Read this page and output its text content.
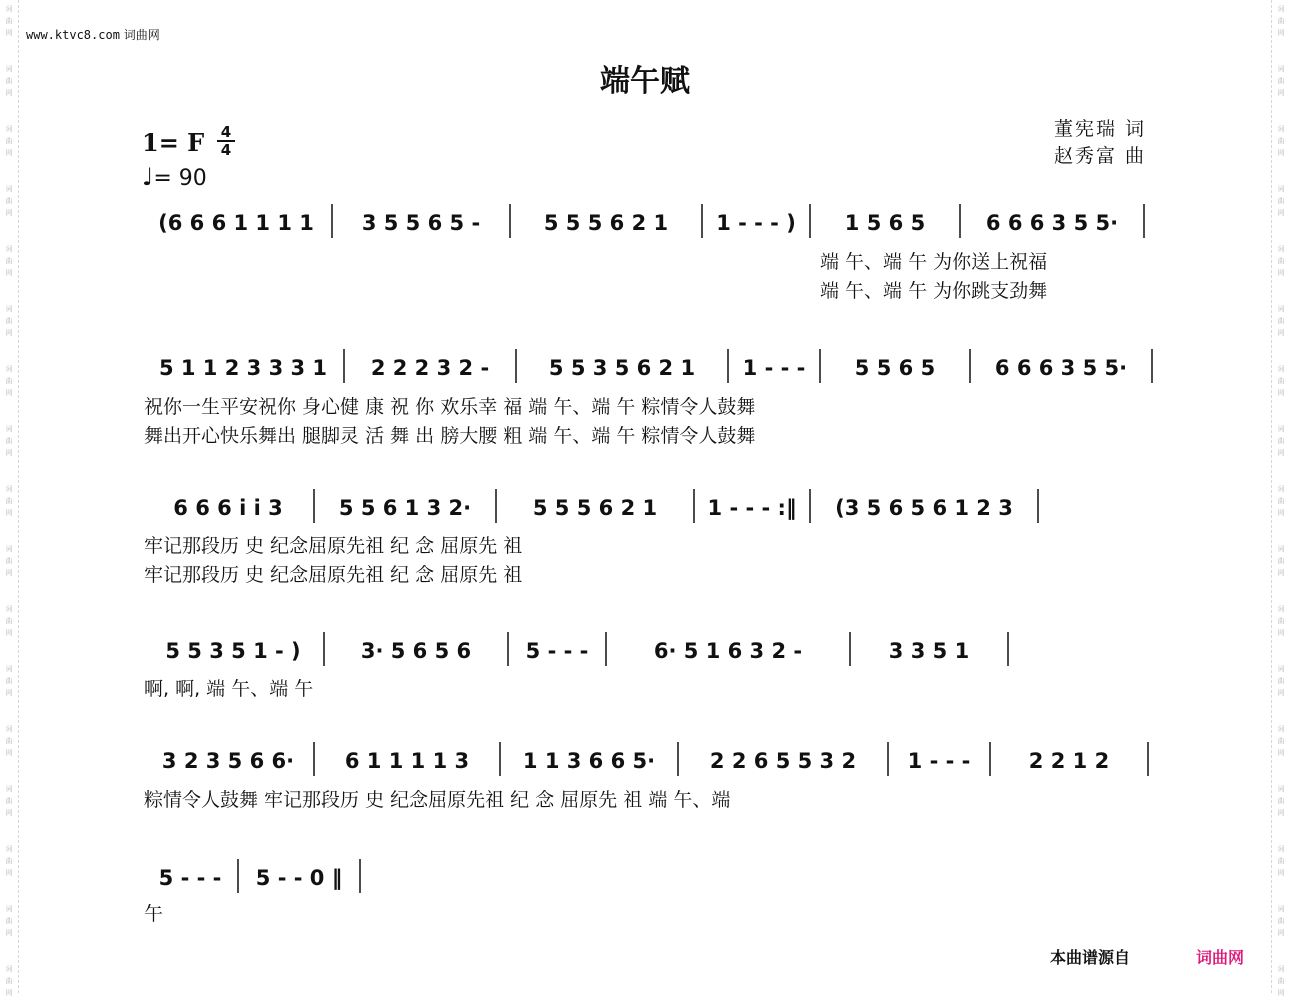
词
曲
网
词
曲
网
词
曲
网
词
曲
网
词
曲
网
词
曲
网
词
曲
网
词
曲
网
词
曲
网
词
曲
网
词
曲
网
词
曲
网
词
曲
网
词
曲
网
词
曲
网
词
曲
网
词
曲
网
词
曲
网
词
曲
网
词
曲
网
词
曲
网
词
曲
网
词
曲
网
词
曲
网
词
曲
网
词
曲
网
词
曲
网
词
曲
网
词
曲
网
词
曲
网
词
曲
网
词
曲
网
词
曲
网
词
曲
网
www.ktvc8.com 词曲网
端午赋
董宪瑞 词
赵秀富 曲
1= F $\frac{4}{4}$
♩= 90
(6 6 6 1 1 1 1 3 5 5 6 5 -	5 5 5 6 2 1 1 - - - ) 1 5 6 5	6 6 6 3 5 5·
端 午、端 午 为你送上祝福
端 午、端 午 为你跳支劲舞
5 1 1 2 3 3 3 1 2 2 2 3 2 -	5 5 3 5 6 2 1 1 - - - 5 5 6 5	6 6 6 3 5 5·
祝你一生平安祝你 身心健 康 祝 你 欢乐幸 福 端 午、端 午 粽情令人鼓舞
舞出开心快乐舞出 腿脚灵 活 舞 出 膀大腰 粗 端 午、端 午 粽情令人鼓舞
6 6 6 i i 3	5 5 6 1 3 2·	5 5 5 6 2 1 1 - - - :‖ (3 5 6 5 6 1 2 3
牢记那段历 史 纪念屈原先祖 纪 念 屈原先 祖
牢记那段历 史 纪念屈原先祖 纪 念 屈原先 祖
5 5 3 5 1 - )	3· 5 6 5 6	5 - - -	6· 5 1 6 3 2 -	3 3 5 1
啊, 啊, 端 午、端 午
3 2 3 5 6 6· 6 1 1 1 1 3	1 1 3 6 6 5·	2 2 6 5 5 3 2 1 - - -	2 2 1 2
粽情令人鼓舞 牢记那段历 史 纪念屈原先祖 纪 念 屈原先 祖 端 午、端
5 - - - 5 - - 0 ‖
午
本曲谱源自	词曲网
